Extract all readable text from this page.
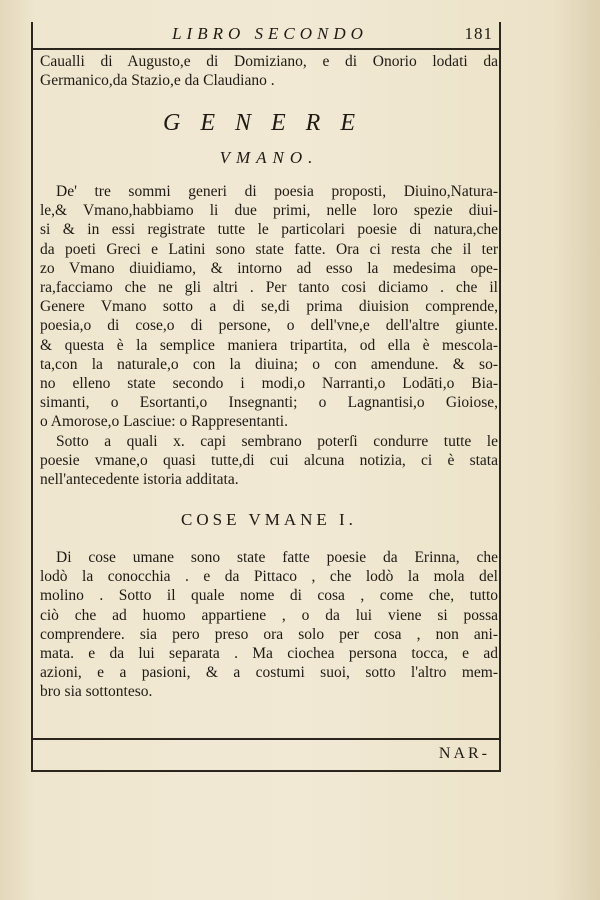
LIBRO SECONDO	181
Caualli di Augusto,e di Domiziano, e di Onorio lodati da
Germanico,da Stazio,e da Claudiano .
GENERE
VMANO.
De' tre sommi generi di poesia proposti, Diuino,Natura-
le,& Vmano,habbiamo li due primi, nelle loro spezie diui-
si & in essi registrate tutte le particolari poesie di natura,che
da poeti Greci e Latini sono state fatte. Ora ci resta che il ter
zo Vmano diuidiamo, & intorno ad esso la medesima ope-
ra,facciamo che ne gli altri . Per tanto cosi diciamo . che il
Genere Vmano sotto a di se,di prima diuision comprende,
poesia,o di cose,o di persone, o dell'vne,e dell'altre giunte.
& questa è la semplice maniera tripartita, od ella è mescola-
ta,con la naturale,o con la diuina; o con amendune. & so-
no elleno state secondo i modi,o Narranti,o Lodāti,o Bia-
simanti, o Esortanti,o Insegnanti; o Lagnantisi,o Gioiose,
o Amorose,o Lasciue: o Rappresentanti.
Sotto a quali x. capi sembrano poterſi condurre tutte le
poesie vmane,o quasi tutte,di cui alcuna notizia, ci è stata
nell'antecedente istoria additata.
COSE VMANE I.
Di cose umane sono state fatte poesie da Erinna, che
lodò la conocchia . e da Pittaco , che lodò la mola del
molino . Sotto il quale nome di cosa , come che, tutto
ciò che ad huomo appartiene , o da lui viene si possa
comprendere. sia pero preso ora solo per cosa , non ani-
mata. e da lui separata . Ma ciochea persona tocca, e ad
azioni, e a pasioni, & a costumi suoi, sotto l'altro mem-
bro sia sottonteso.
NAR-
